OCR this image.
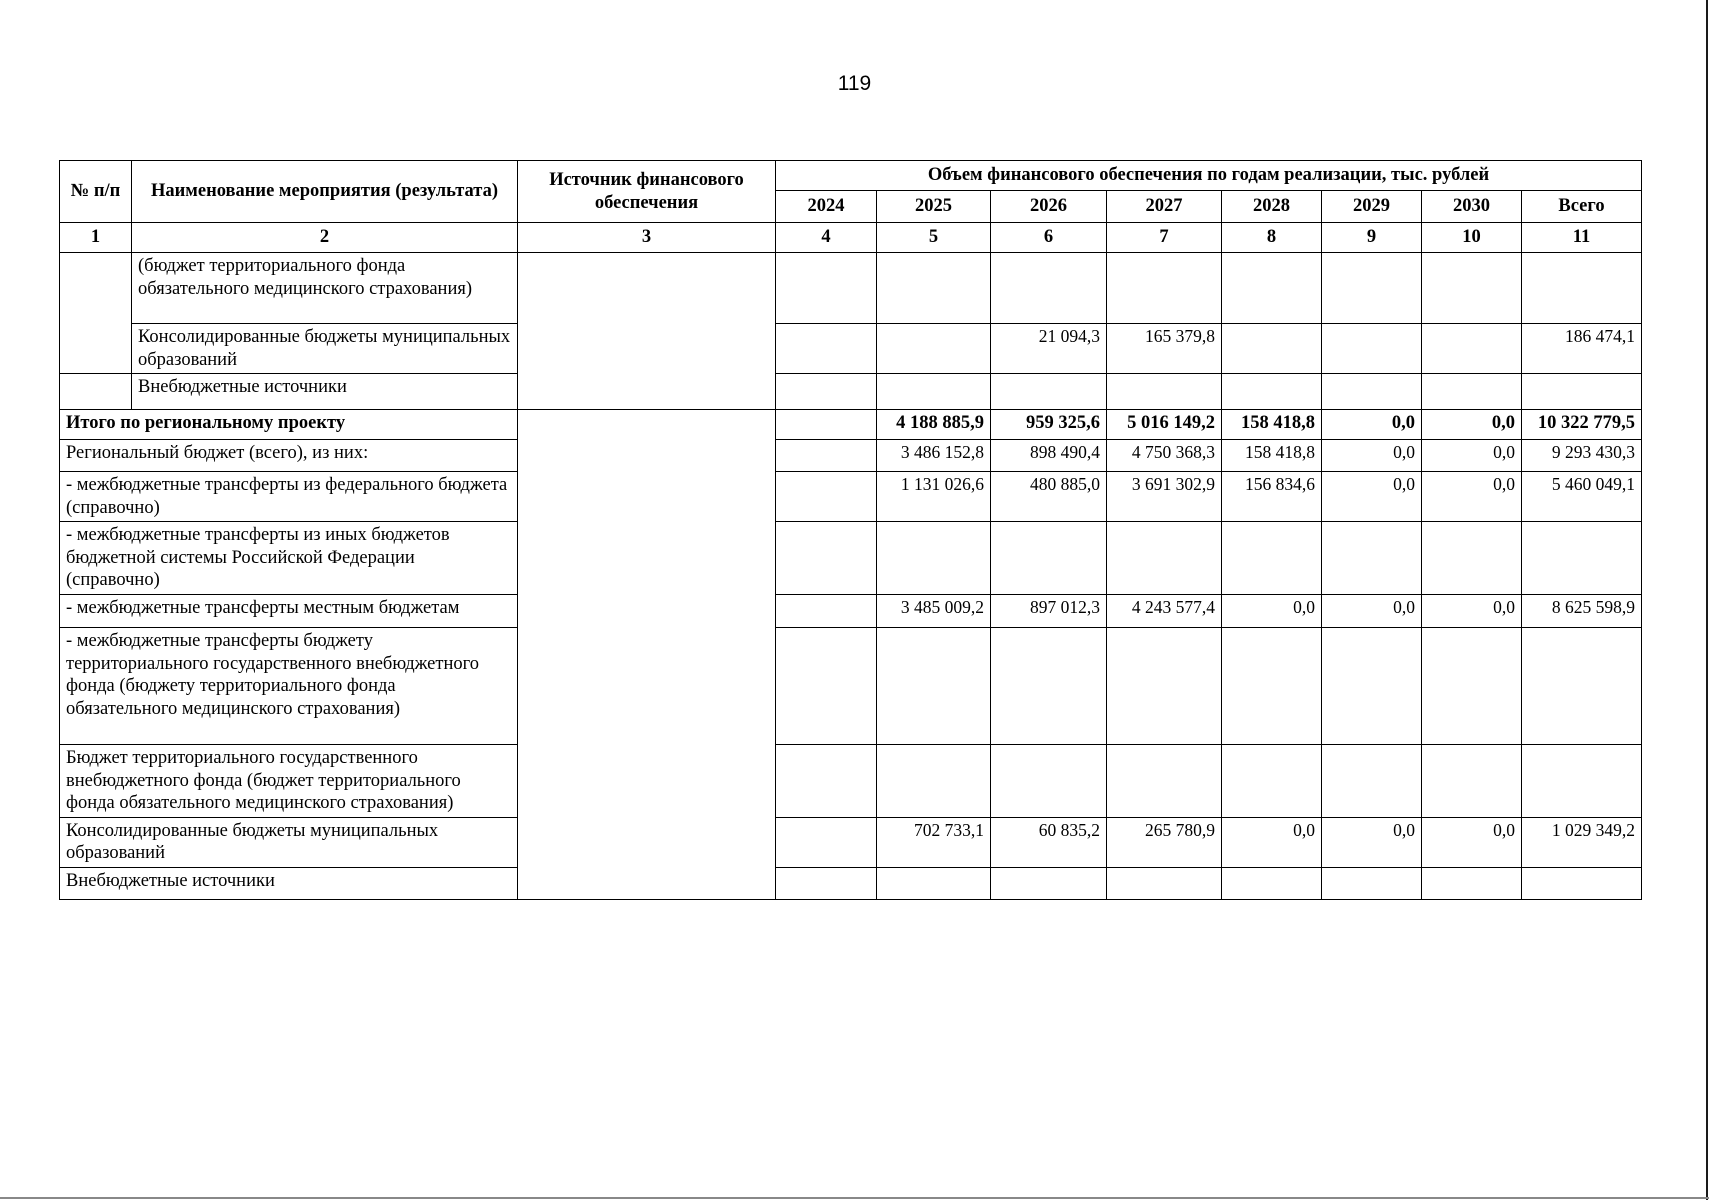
119
№ п/п	Наименование мероприятия (результата)	Источник финансового обеспечения	Объем финансового обеспечения по годам реализации, тыс. рублей							
			2024	2025	2026	2027	2028	2029	2030	Всего
1	2	3	4	5	6	7	8	9	10	11
	(бюджет территориального фонда обязательного медицинского страхования)									
	Консолидированные бюджеты муниципальных образований				21 094,3	165 379,8				186 474,1
	Внебюджетные источники									
Итого по региональному проекту				4 188 885,9	959 325,6	5 016 149,2	158 418,8	0,0	0,0	10 322 779,5
Региональный бюджет (всего), из них:				3 486 152,8	898 490,4	4 750 368,3	158 418,8	0,0	0,0	9 293 430,3
- межбюджетные трансферты из федерального бюджета (справочно)				1 131 026,6	480 885,0	3 691 302,9	156 834,6	0,0	0,0	5 460 049,1
- межбюджетные трансферты из иных бюджетов бюджетной системы Российской Федерации (справочно)										
- межбюджетные трансферты местным бюджетам				3 485 009,2	897 012,3	4 243 577,4	0,0	0,0	0,0	8 625 598,9
- межбюджетные трансферты бюджету территориального государственного внебюджетного фонда (бюджету территориального фонда обязательного медицинского страхования)										
Бюджет территориального государственного внебюджетного фонда (бюджет территориального фонда обязательного медицинского страхования)										
Консолидированные бюджеты муниципальных образований				702 733,1	60 835,2	265 780,9	0,0	0,0	0,0	1 029 349,2
Внебюджетные источники										
